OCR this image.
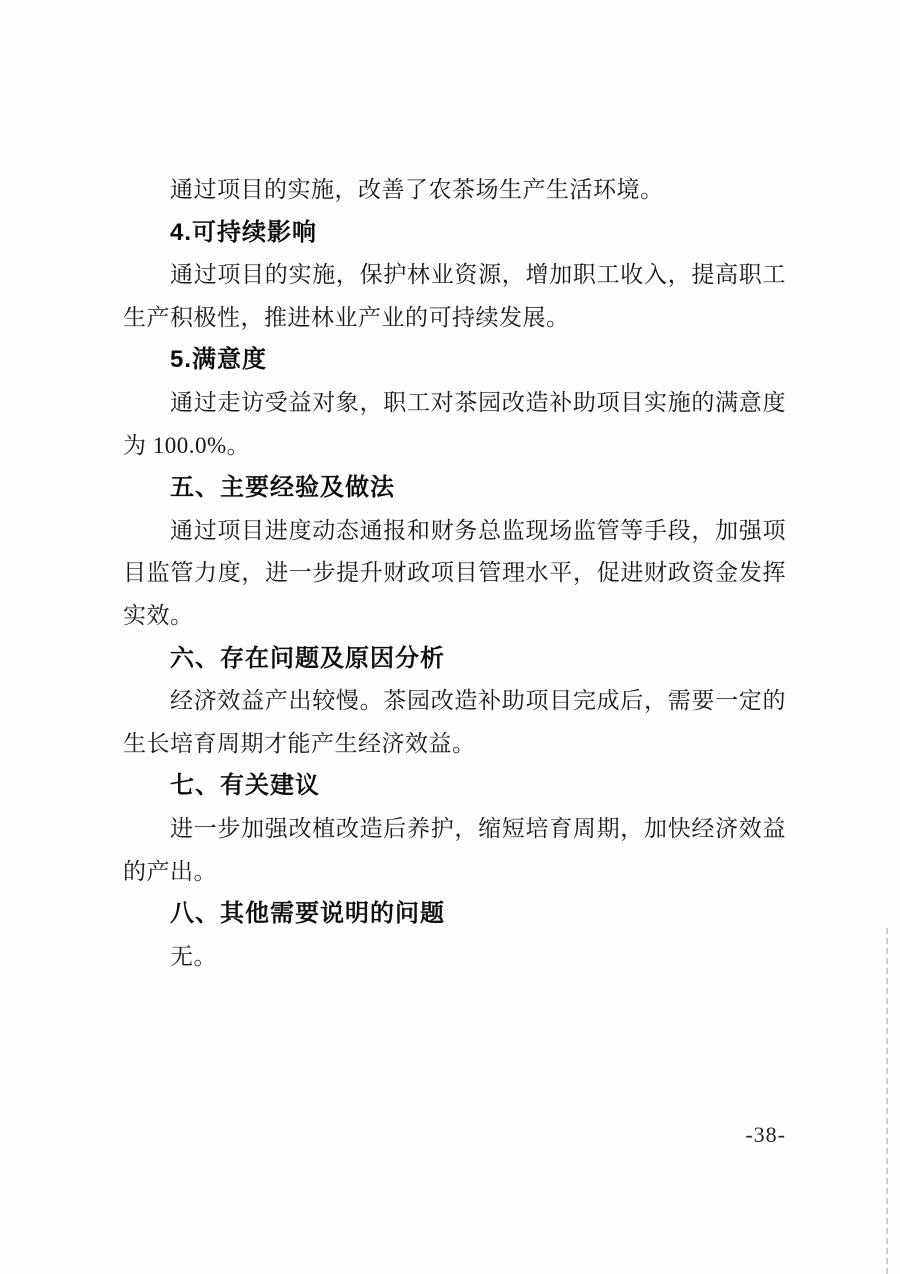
通过项目的实施，改善了农茶场生产生活环境。
4.可持续影响
通过项目的实施，保护林业资源，增加职工收入，提高职工
生产积极性，推进林业产业的可持续发展。
5.满意度
通过走访受益对象，职工对茶园改造补助项目实施的满意度
为 100.0%。
五、主要经验及做法
通过项目进度动态通报和财务总监现场监管等手段，加强项
目监管力度，进一步提升财政项目管理水平，促进财政资金发挥
实效。
六、存在问题及原因分析
经济效益产出较慢。茶园改造补助项目完成后，需要一定的
生长培育周期才能产生经济效益。
七、有关建议
进一步加强改植改造后养护，缩短培育周期，加快经济效益
的产出。
八、其他需要说明的问题
无。
-38-
